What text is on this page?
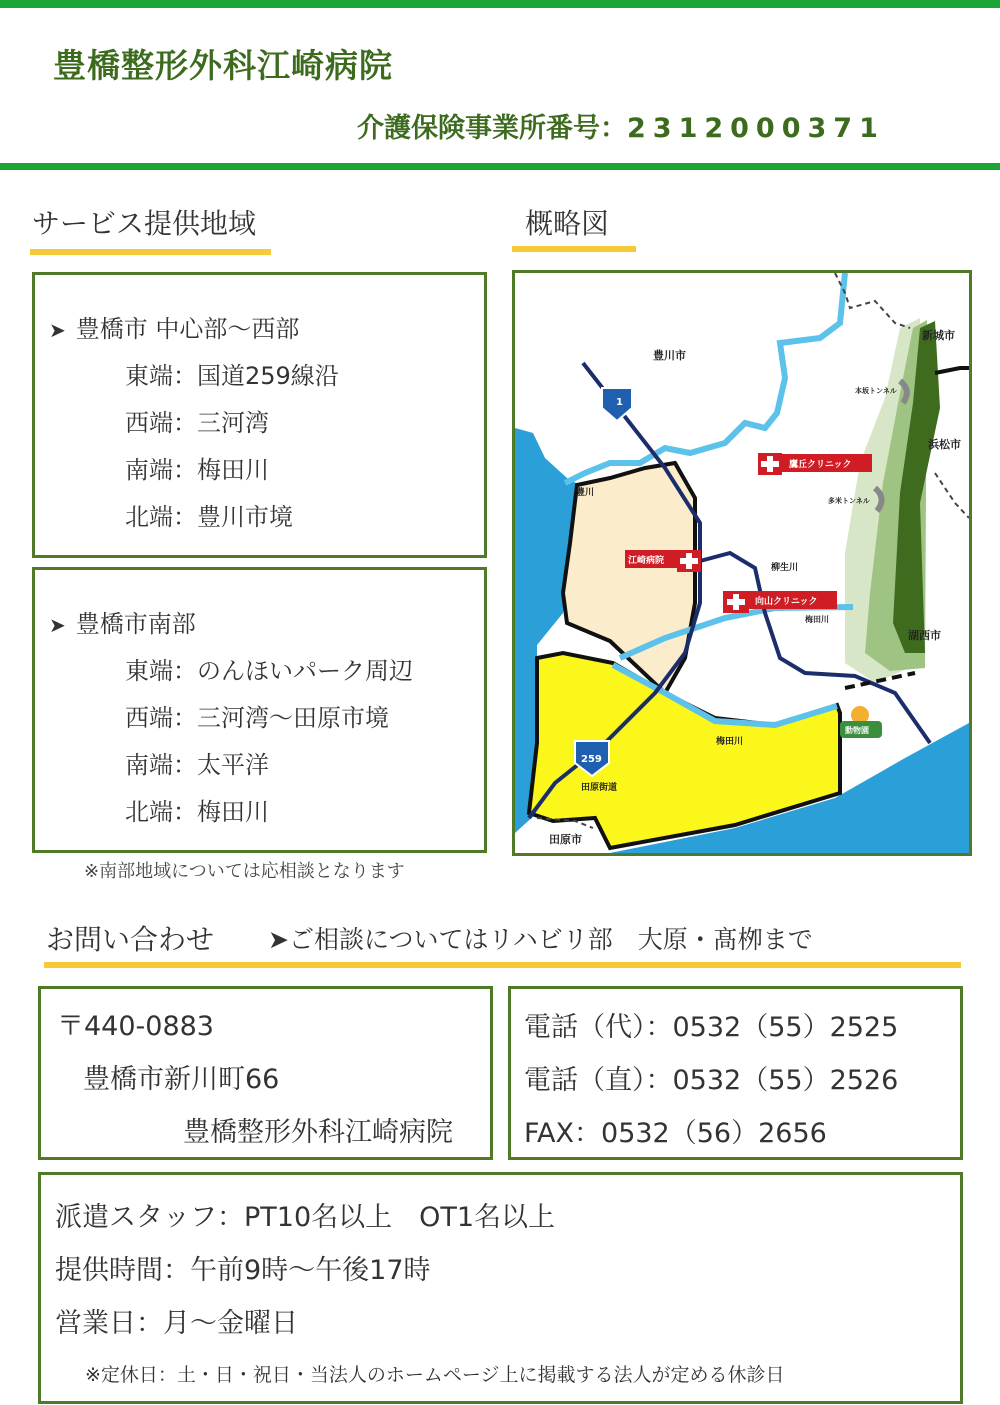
豊橋整形外科江崎病院
介護保険事業所番号：2312000371
サービス提供地域	概略図
➤ 豊橋市 中心部～西部
東端：国道259線沿
西端：三河湾
南端：梅田川
北端：豊川市境
➤ 豊橋市南部
東端：のんほいパーク周辺
西端：三河湾～田原市境
南端：太平洋
北端：梅田川
※南部地域については応相談となります
豊川市
新城市
浜松市
湖西市
田原市
豊川
柳生川
梅田川
梅田川
田原街道
本坂トンネル
多米トンネル
1
259
江崎病院
鷹丘クリニック
向山クリニック
動物園
お問い合わせ ➤ご相談についてはリハビリ部　大原・髙栁まで
〒440-0883
豊橋市新川町66
豊橋整形外科江崎病院
電話（代）：0532（55）2525
電話（直）：0532（55）2526
FAX：0532（56）2656
派遣スタッフ：PT10名以上　OT1名以上
提供時間：午前9時～午後17時
営業日：月～金曜日
※定休日：土・日・祝日・当法人のホームページ上に掲載する法人が定める休診日
